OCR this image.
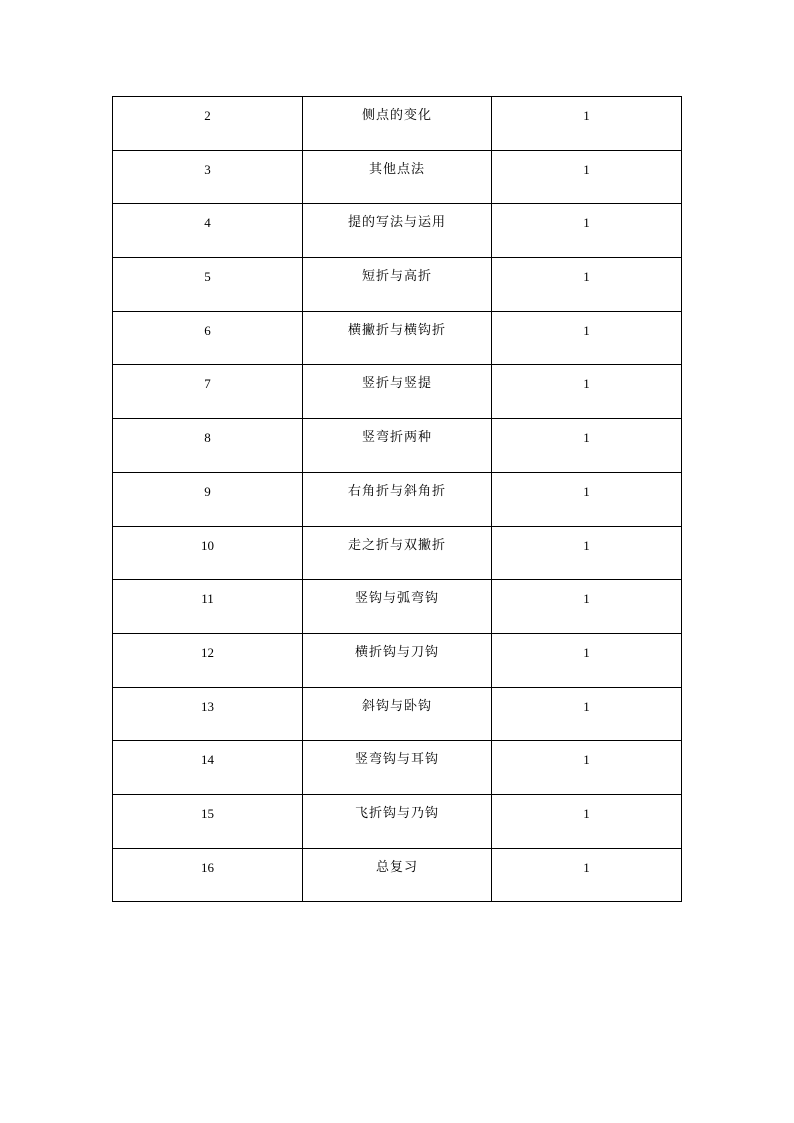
2	侧点的变化	1

3	其他点法	1

4	提的写法与运用	1

5	短折与高折	1

6	横撇折与横钩折	1

7	竖折与竖提	1

8	竖弯折两种	1

9	右角折与斜角折	1

10	走之折与双撇折	1

11	竖钩与弧弯钩	1

12	横折钩与刀钩	1

13	斜钩与卧钩	1

14	竖弯钩与耳钩	1

15	飞折钩与乃钩	1

16	总复习	1
